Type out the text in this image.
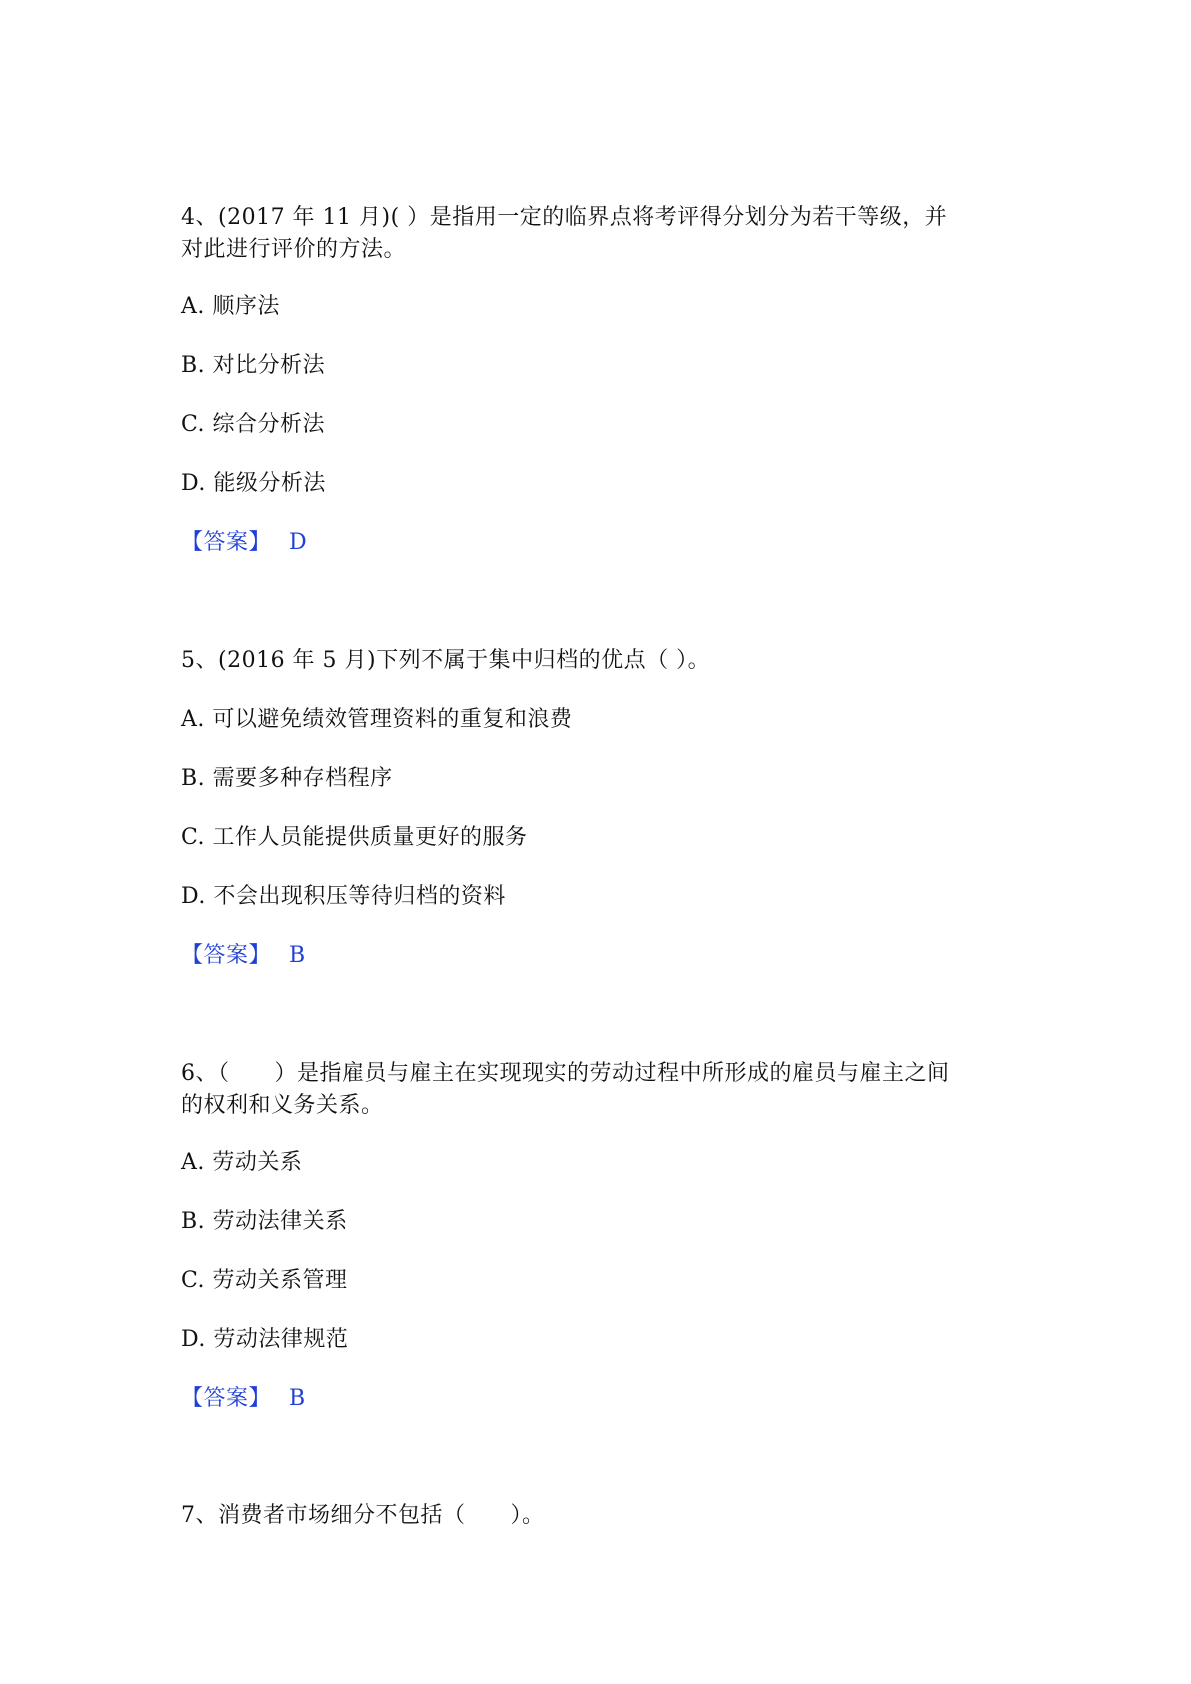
4、(2017 年 11 月)( ）是指用一定的临界点将考评得分划分为若干等级，并
对此进行评价的方法。
A. 顺序法
B. 对比分析法
C. 综合分析法
D. 能级分析法
【答案】 D
5、(2016 年 5 月)下列不属于集中归档的优点（ ）。
A. 可以避免绩效管理资料的重复和浪费
B. 需要多种存档程序
C. 工作人员能提供质量更好的服务
D. 不会出现积压等待归档的资料
【答案】 B
6、（　　）是指雇员与雇主在实现现实的劳动过程中所形成的雇员与雇主之间
的权利和义务关系。
A. 劳动关系
B. 劳动法律关系
C. 劳动关系管理
D. 劳动法律规范
【答案】 B
7、消费者市场细分不包括（　　）。
